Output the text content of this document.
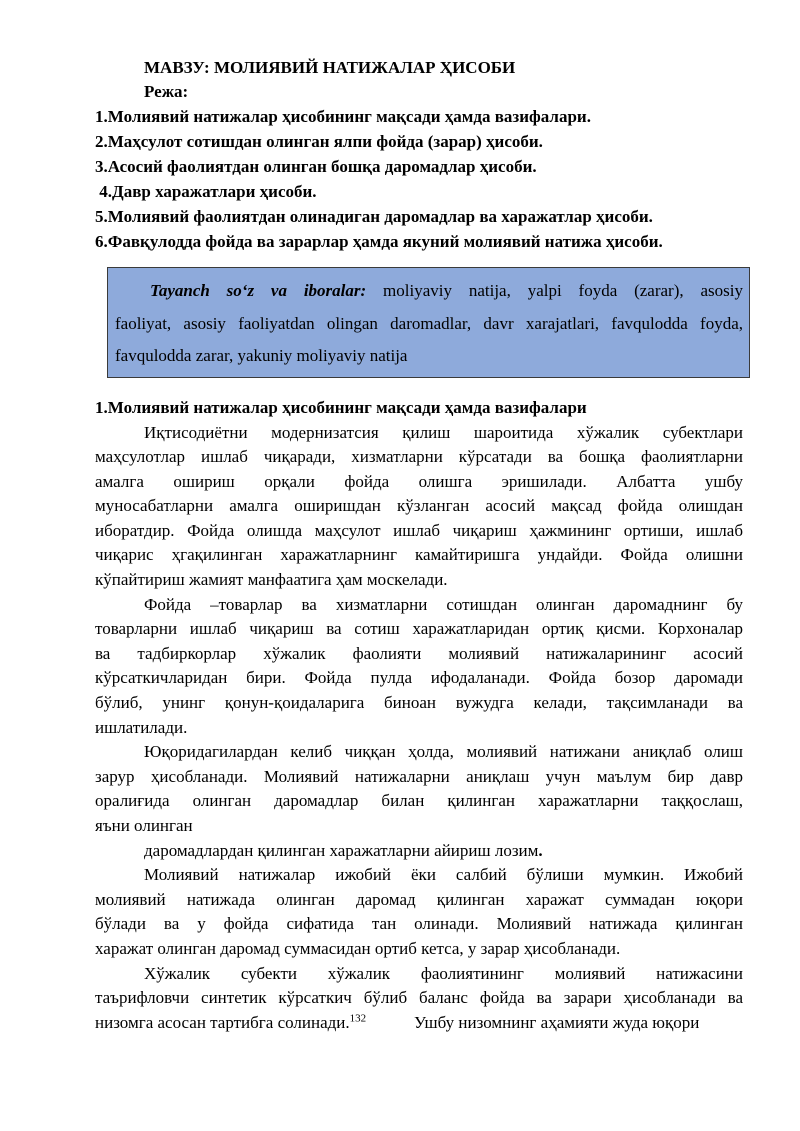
МАВЗУ: МОЛИЯВИЙ НАТИЖАЛАР ҲИСОБИ
Режа:
1.Молиявий натижалар ҳисобининг мақсади ҳамда вазифалари.
2.Маҳсулот сотишдан олинган ялпи фойда (зарар) ҳисоби.
3.Асосий фаолиятдан олинган бошқа даромадлар ҳисоби.
4.Давр харажатлари ҳисоби.
5.Молиявий фаолиятдан олинадиган даромадлар ва харажатлар ҳисоби.
6.Фавқулодда фойда ва зарарлар ҳамда якуний молиявий натижа ҳисоби.
Tayanch so‘z va iboralar: moliyaviy natija, yalpi foyda (zarar), asosiy
faoliyat, asosiy faoliyatdan olingan daromadlar, davr xarajatlari, favqulodda foyda,
favqulodda zarar, yakuniy moliyaviy natija
1.Молиявий натижалар ҳисобининг мақсади ҳамда вазифалари
Иқтисодиётни модернизатсия қилиш шароитида хўжалик субектлари
маҳсулотлар ишлаб чиқаради, хизматларни кўрсатади ва бошқа фаолиятларни
амалга ошириш орқали фойда олишга эришилади. Албатта ушбу
муносабатларни амалга оширишдан кўзланган асосий мақсад фойда олишдан
иборатдир. Фойда олишда маҳсулот ишлаб чиқариш ҳажмининг ортиши, ишлаб
чиқарис ҳгақилинган харажатларнинг камайтиришга ундайди. Фойда олишни
кўпайтириш жамият манфаатига ҳам москелади.
Фойда –товарлар ва хизматларни сотишдан олинган даромаднинг бу
товарларни ишлаб чиқариш ва сотиш харажатларидан ортиқ қисми. Корхоналар
ва тадбиркорлар хўжалик фаолияти молиявий натижаларининг асосий
кўрсаткичларидан бири. Фойда пулда ифодаланади. Фойда бозор даромади
бўлиб, унинг қонун-қоидаларига биноан вужудга келади, тақсимланади ва
ишлатилади.
Юқоридагилардан келиб чиққан ҳолда, молиявий натижани аниқлаб олиш
зарур ҳисобланади. Молиявий натижаларни аниқлаш учун маълум бир давр
оралиғида олинган даромадлар билан қилинган харажатларни таққослаш,
яъни олинган
даромадлардан қилинган харажатларни айириш лозим.
Молиявий натижалар ижобий ёки салбий бўлиши мумкин. Ижобий
молиявий натижада олинган даромад қилинган харажат суммадан юқори
бўлади ва у фойда сифатида тан олинади. Молиявий натижада қилинган
харажат олинган даромад суммасидан ортиб кетса, у зарар ҳисобланади.
Хўжалик субекти хўжалик фаолиятининг молиявий натижасини
таърифловчи синтетик кўрсаткич бўлиб баланс фойда ва зарари ҳисобланади ва
низомга асосан тартибга солинади.$^{132}$	Ушбу низомнинг аҳамияти жуда юқори
